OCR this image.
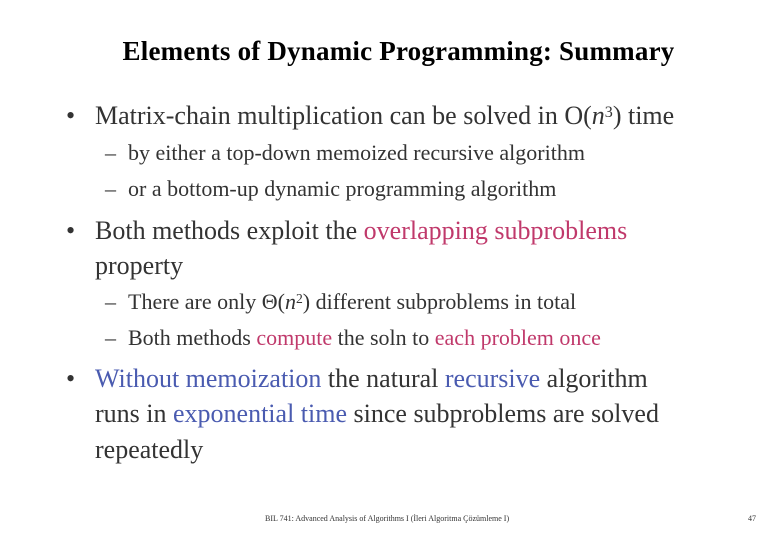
Elements of Dynamic Programming: Summary
• Matrix-chain multiplication can be solved in $O(n^3)$ time
– by either a top-down memoized recursive algorithm
– or a bottom-up dynamic programming algorithm
• Both methods exploit the overlapping subproblems
property
– There are only $\Theta(n^2)$ different subproblems in total
– Both methods compute the soln to each problem once
• Without memoization the natural recursive algorithm
runs in exponential time since subproblems are solved
repeatedly
BIL 741: Advanced Analysis of Algorithms I (İleri Algoritma Çözümleme I)	47
